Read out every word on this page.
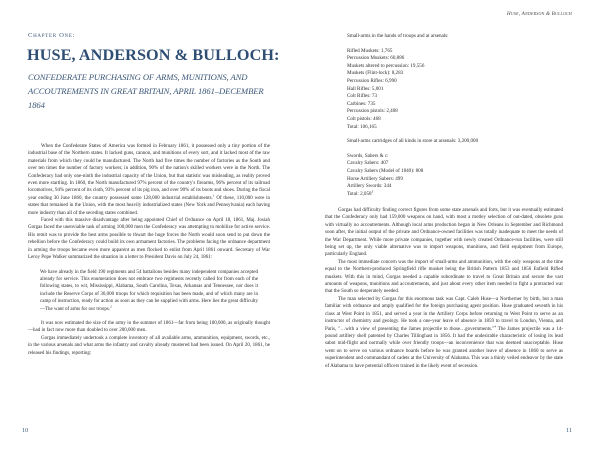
Chapter One:
HUSE, ANDERSON & BULLOCH:
CONFEDERATE PURCHASING OF ARMS, MUNITIONS, AND ACCOUTREMENTS IN GREAT BRITAIN, APRIL 1861–DECEMBER 1864

When the Confederate States of America was formed in February 1861, it possessed only a tiny portion of the industrial base of the Northern states. It lacked guns, cannon, and munitions of every sort, and it lacked most of the raw materials from which they could be manufactured. The North had five times the number of factories as the South and over ten times the number of factory workers; in addition, 90% of the nation's skilled workers were in the North. The Confederacy had only one-ninth the industrial capacity of the Union, but that statistic was misleading, as reality proved even more startling. In 1860, the North manufactured 97% percent of the country's firearms, 96% percent of its railroad locomotives, 94% percent of its cloth, 93% percent of its pig iron, and over 90% of its boots and shoes. During the fiscal year ending 30 June 1860, the country possessed some 128,000 industrial establishments.$^1$ Of these, 110,000 were in states that remained in the Union, with the most heavily industrialized states (New York and Pennsylvania) each having more industry than all of the seceding states combined.

Faced with this massive disadvantage after being appointed Chief of Ordnance on April 18, 1861, Maj. Josiah Gorgas faced the unenviable task of arming 100,000 men the Confederacy was attempting to mobilize for active service. His remit was to provide the best arms possible to thwart the huge forces the North would soon send to put down the rebellion before the Confederacy could build its own armament factories. The problems facing the ordnance department in arming the troops became even more apparent as men flocked to enlist from April 1861 onward. Secretary of War Leroy Pope Walker summarized the situation in a letter to President Davis on July 24, 1861:

We have already in the field 190 regiments and 54 battalions besides many independent companies accepted already for service. This enumeration does not embrace two regiments recently called for from each of the following states, to wit, Mississippi, Alabama, South Carolina, Texas, Arkansas and Tennessee, nor does it include the Reserve Corps of 30,000 troops for which requisition has been made, and of which many are in camp of instruction, ready for action as soon as they can be supplied with arms. Here lies the great difficulty —The want of arms for our troops.$^2$

It was now estimated the size of the army in the summer of 1861—far from being 100,000, as originally thought—had in fact now more than doubled to over 200,000 men.

Gorgas immediately undertook a complete inventory of all available arms, ammunition, equipment, swords, etc., in the various arsenals and what arms the infantry and cavalry already mustered had been issued. On April 20, 1861, he released his findings, reporting:

10
Huse, Anderson & Bulloch
Small-arms in the hands of troops and at arsenals:
Rifled Muskets: 1,765
Percussion Muskets: 60,886
Muskets altered to percussion: 19,556
Muskets (Flint-lock): 8,283
Percussion Rifles: 6,990
Hall Rifles: 5,001
Colt Rifles: 73
Carbines: 735
Percussion pistols: 2,408
Colt pistols: 468
Total: 106,165
Small-arms cartridges of all kinds in store at arsenals: 3,200,000
Swords, Sabers & c:
Cavalry Sabers: 407
Cavalry Sabers (Model of 1840): 808
Horse Artillery Sabers: 499
Artillery Swords: 344
Total: 2,058$^3$

Gorgas had difficulty finding correct figures from some state arsenals and forts, but it was eventually estimated that the Confederacy only had 159,000 weapons on hand, with most a motley selection of out-dated, obsolete guns with virtually no accoutrements. Although local arms production began in New Orleans in September and Richmond soon after, the initial output of the private and Ordnance-owned facilities was totally inadequate to meet the needs of the War Department. While more private companies, together with newly created Ordnance-run facilities, were still being set up, the only viable alternative was to import weapons, munitions, and field equipment from Europe, particularly England.

The most immediate concern was the import of small-arms and ammunition, with the only weapons at the time equal to the Northern-produced Springfield rifle musket being the British Pattern 1853 and 1856 Enfield Rifled muskets. With this in mind, Gorgas needed a capable subordinate to travel to Great Britain and secure the vast amounts of weapons, munitions and accoutrements, and just about every other item needed to fight a protracted war that the South so desperately needed.

The man selected by Gorgas for this enormous task was Capt. Caleb Huse—a Northerner by birth, but a man familiar with ordnance and amply qualified for the foreign purchasing agent position. Huse graduated seventh in his class at West Point in 1851, and served a year in the Artillery Corps before returning to West Point to serve as an instructor of chemistry and geology. He took a one-year leave of absence in 1859 to travel to London, Vienna, and Paris, "…with a view of presenting the James projectile to those…governments."$^4$ The James projectile was a 14-pound artillery shell patented by Charles Tillinghast in 1856. It had the undesirable characteristic of losing its lead sabot mid-flight and normally while over friendly troops—an inconvenience that was deemed unacceptable. Huse went on to serve on various ordnance boards before he was granted another leave of absence in 1860 to serve as superintendent and commandant of cadets at the University of Alabama. This was a thinly veiled endeavor by the state of Alabama to have potential officers trained in the likely event of secession.

11
